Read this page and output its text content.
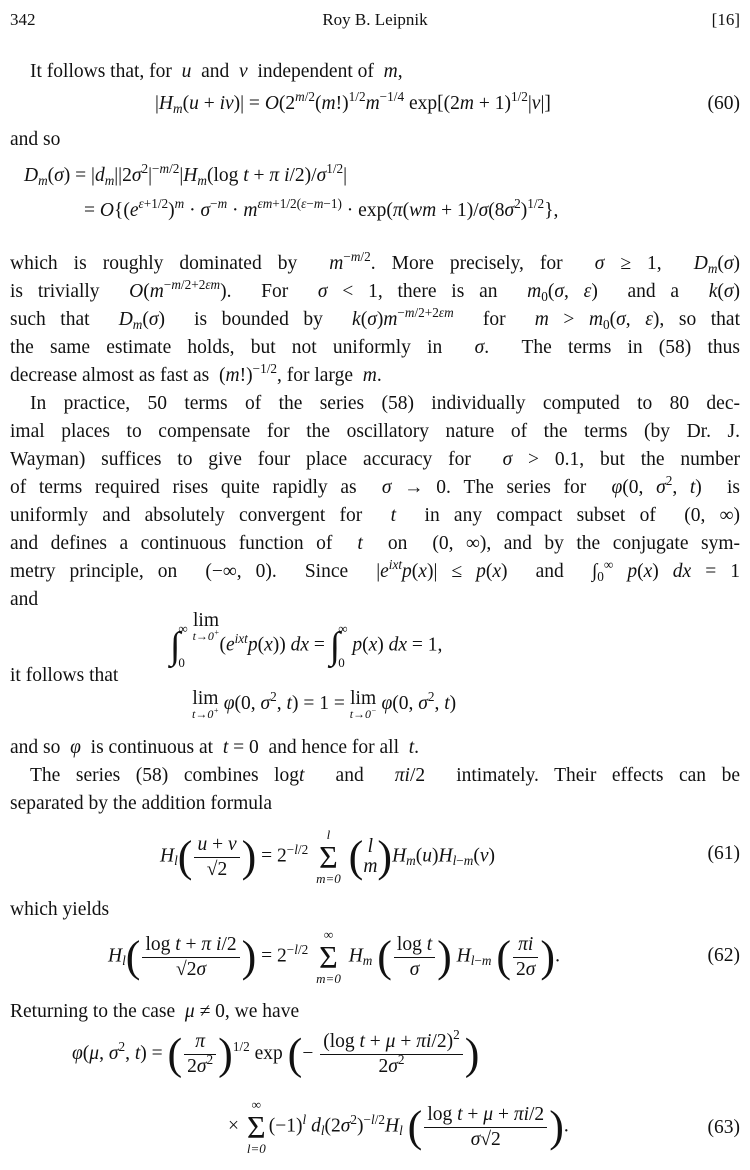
342	Roy B. Leipnik	[16]
It follows that, for  u  and  v  independent of  m,
$|H_m(u + iv)| = O(2^{m/2}(m!)^{1/2}m^{-1/4}$ $\exp[(2m + 1)^{1/2}|v|]$	(60)
and so
$D_m(\sigma) = |d_m||2\sigma^2|^{-m/2}|H_m(\log$ t + π $i/2)/\sigma^{1/2}|$
= $O\{(e^{\varepsilon+1/2})^m \cdot \sigma^{-m} \cdot m^{\varepsilon m+1/2(\varepsilon-m-1)} \cdot \exp(\pi(wm + 1)/\sigma(8\sigma^2)^{1/2}\}$,
which is roughly dominated by  $m^{-m/2}$. More precisely, for  σ ≥ 1,  $D_m(\sigma)$
is trivially  $O(m^{-m/2+2\varepsilon m})$.  For  σ < 1, there is an  $m_0(\sigma$, ε)  and a  k(σ)
such that  $D_m(\sigma)$  is bounded by  $k(\sigma)m^{-m/2+2\varepsilon m}$  for  $m > m_0(\sigma$, ε), so that
the same estimate holds, but not uniformly in  σ.  The terms in (58) thus
decrease almost as fast as  $(m!)^{-1/2}$, for large  m.
In practice, 50 terms of the series (58) individually computed to 80 dec-
imal places to compensate for the oscillatory nature of the terms (by Dr. J.
Wayman) suffices to give four place accuracy for  σ > 0.1, but the number
of terms required rises quite rapidly as  σ → 0. The series for  φ(0, $\sigma^2$, t)  is
uniformly and absolutely convergent for  t  in any compact subset of  (0, ∞)
and defines a continuous function of  t  on  (0, ∞), and by the conjugate sym-
metry principle, on  (−∞, 0).  Since  $|e^{ixt}p(x)| \le p(x)$  and  $\int_0^\infty$ p(x) dx = 1
and
∫
∞
0

lim
t→0+
$(e^{ixt}p(x))$ dx = ∫
∞
0
p(x) dx = 1,
it follows that
lim
t→0+ φ(0, $\sigma^2$, t) = 1 = lim
t→0− φ(0, $\sigma^2$, t)
and so  φ  is continuous at  t = 0  and hence for all  t.
The series (58) combines logt  and  πi/2  intimately. Their effects can be
separated by the addition formula
$H_l( \frac{u + v}{√2}$ ) = $2^{-l/2}$
l
Σ
m=0 ( l
m )$H_m(u)H_{l-m}(v)$	(61)
which yields
$H_l( \frac{\text{log t + π i/2}}{√2\sigma}$ ) = $2^{-l/2}$
∞
Σ
m=0
$H_m$ ( $\frac{\text{log t}}{\sigma}$ ) $H_{l-m}$ ( $\frac{\pi i}{2\sigma}$ ).	(62)
Returning to the case  μ ≠ 0, we have
φ(μ, $\sigma^2$, t) = ( $\frac{\pi}{2\sigma^2} )^{1/2}$ exp (− $\frac{(\log t + \mu + \pi i/2)^2}{2\sigma^2}$ )
×
∞
Σ
l=0
$(-1)^l$ $d_l(2\sigma^2)^{-l/2}H_l$ ( $\frac{\text{log t + μ + πi/2}}{\sigma√2}$ ).	(63)
